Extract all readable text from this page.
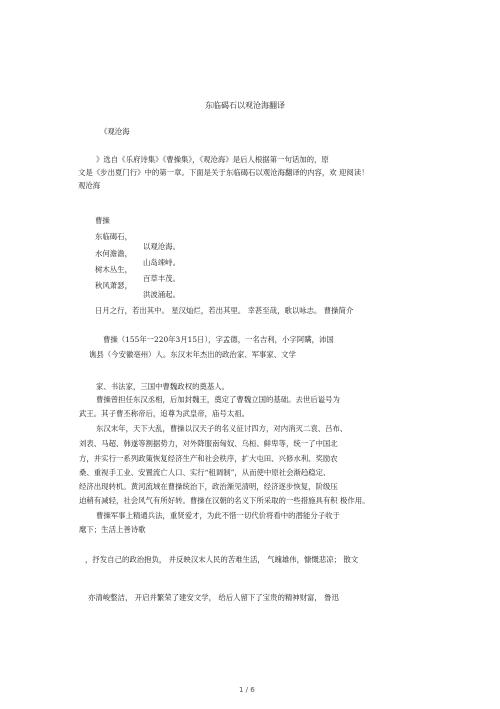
东临碣石以观沧海翻译
《观沧海
》选自《乐府诗集》《曹操集》，《观沧海》是后人根据第一句话加的，原
文是《步出夏门行》中的第一章。下面是关于东临碣石以观沧海翻译的内容，欢 迎阅读！
观沧海
曹操
东临碣石，
水何澹澹，
树木丛生，
秋风萧瑟，
以观沧海。
山岛竦峙。
百草丰茂。
洪波涌起。
日月之行，若出其中。 星汉灿烂，若出其里。 幸甚至哉，歌以咏志。 曹操简介
曹操（155年一220年3月15日），字孟德，一名吉利，小字阿瞒，沛国
谯县（今安徽亳州）人。东汉末年杰出的政治家、军事家、文学
家、书法家，三国中曹魏政权的奠基人。
曹操曾担任东汉丞相，后加封魏王，奠定了曹魏立国的基础。去世后谥号为
武王。其子曹丕称帝后，追尊为武皇帝，庙号太祖。
东汉末年，天下大乱，曹操以汉天子的名义征讨四方，对内消灭二袁、吕布、
刘表、马超、韩遂等割据势力，对外降服南匈奴、乌桓、鲜卑等，统一了中国北
方，并实行一系列政策恢复经济生产和社会秩序，扩大屯田、兴修水利、奖励农
桑、重视手工业、安置流亡人口、实行“租调制”，从而使中原社会渐趋稳定、
经济出现转机。黄河流域在曹操统治下，政治渐见清明，经济逐步恢复，阶级压
迫稍有减轻，社会风气有所好转。曹操在汉朝的名义下所采取的一些措施具有积 极作用。
曹操军事上精通兵法，重贤爱才，为此不惜一切代价将看中的潜能分子收于
麾下；生活上善诗歌
，抒发自己的政治抱负， 并反映汉末人民的苦难生活， 气魄雄伟，慷慨悲凉； 散文
亦清峻整洁， 开启并繁荣了建安文学， 给后人留下了宝贵的精神财富， 鲁迅
1 / 6
